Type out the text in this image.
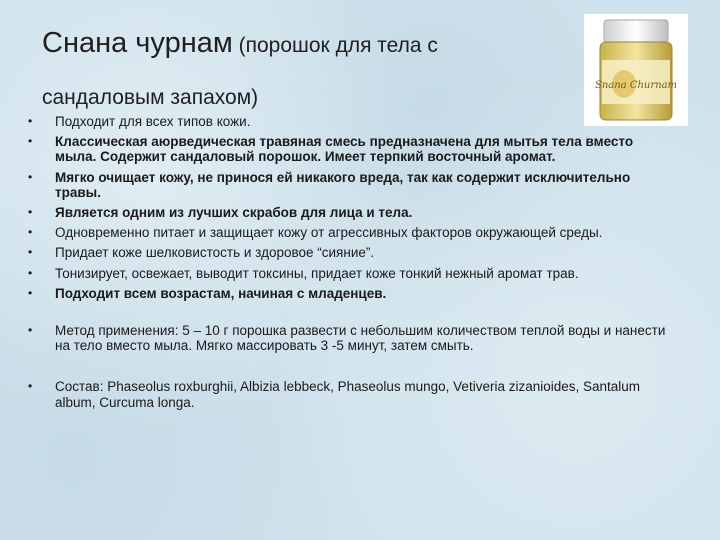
Снана чурнам (порошок для тела с
сандаловым запахом)
Snana Churnam
• Подходит для всех типов кожи.
• Классическая аюрведическая травяная смесь предназначена для мытья тела вместо мыла. Содержит сандаловый порошок. Имеет терпкий восточный аромат.
• Мягко очищает кожу, не принося ей никакого вреда, так как содержит исключительно травы.
• Является одним из лучших скрабов для лица и тела.
• Одновременно питает и защищает кожу от агрессивных факторов окружающей среды.
• Придает коже шелковистость и здоровое “сияние”.
• Тонизирует, освежает, выводит токсины, придает коже тонкий нежный аромат трав.
• Подходит всем возрастам, начиная с младенцев.
• Метод применения: 5 – 10 г порошка развести с небольшим количеством теплой воды и нанести на тело вместо мыла. Мягко массировать 3 -5 минут, затем смыть.
• Состав: Phaseolus roxburghii, Albizia lebbeck, Phaseolus mungo, Vetiveria zizanioides, Santalum album, Curcuma longa.
